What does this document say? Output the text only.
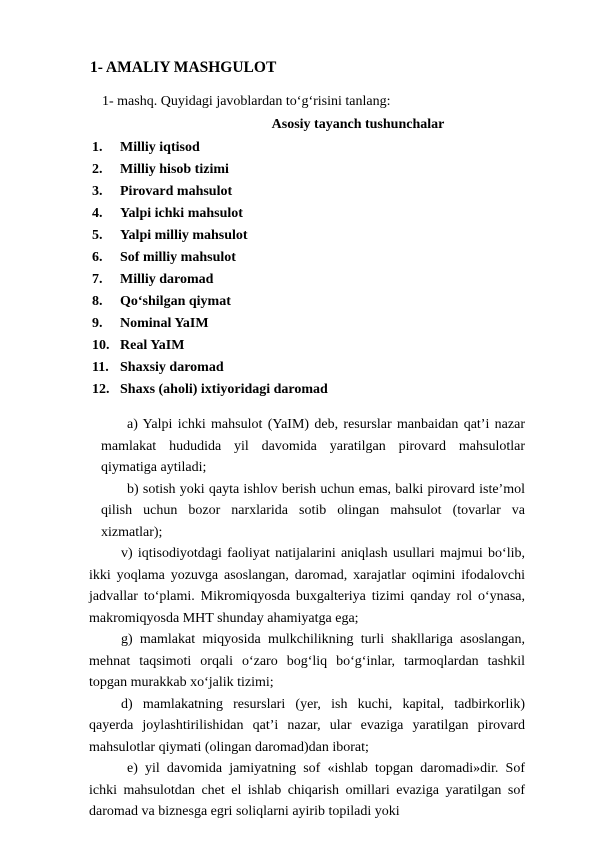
1- AMALIY MASHGULOT
1- mashq. Quyidagi javoblardan to‘g‘risini tanlang:
Asosiy tayanch tushunchalar
1. Milliy iqtisod
2. Milliy hisob tizimi
3. Pirovard mahsulot
4. Yalpi ichki mahsulot
5. Yalpi milliy mahsulot
6. Sof milliy mahsulot
7. Milliy daromad
8. Qo‘shilgan qiymat
9. Nominal YaIM
10. Real YaIM
11. Shaxsiy daromad
12. Shaxs (aholi) ixtiyoridagi daromad

a) Yalpi ichki mahsulot (YaIM) deb, resurslar manbaidan qat’i nazar mamlakat hududida yil davomida yaratilgan pirovard mahsulotlar qiymatiga aytiladi;

b) sotish yoki qayta ishlov berish uchun emas, balki pirovard iste’mol qilish uchun bozor narxlarida sotib olingan mahsulot (tovarlar va xizmatlar);

v) iqtisodiyotdagi faoliyat natijalarini aniqlash usullari majmui bo‘lib, ikki yoqlama yozuvga asoslangan, daromad, xarajatlar oqimini ifodalovchi jadvallar to‘plami. Mikromiqyosda buxgalteriya tizimi qanday rol o‘ynasa, makromiqyosda MHT shunday ahamiyatga ega;

g) mamlakat miqyosida mulkchilikning turli shakllariga asoslangan, mehnat taqsimoti orqali o‘zaro bog‘liq bo‘g‘inlar, tarmoqlardan tashkil topgan murakkab xo‘jalik tizimi;

d) mamlakatning resurslari (yer, ish kuchi, kapital, tadbirkorlik) qayerda joylashtirilishidan qat’i nazar, ular evaziga yaratilgan pirovard mahsulotlar qiymati (olingan daromad)dan iborat;

e) yil davomida jamiyatning sof «ishlab topgan daromadi»dir. Sof ichki mahsulotdan chet el ishlab chiqarish omillari evaziga yaratilgan sof daromad va biznesga egri soliqlarni ayirib topiladi yoki
